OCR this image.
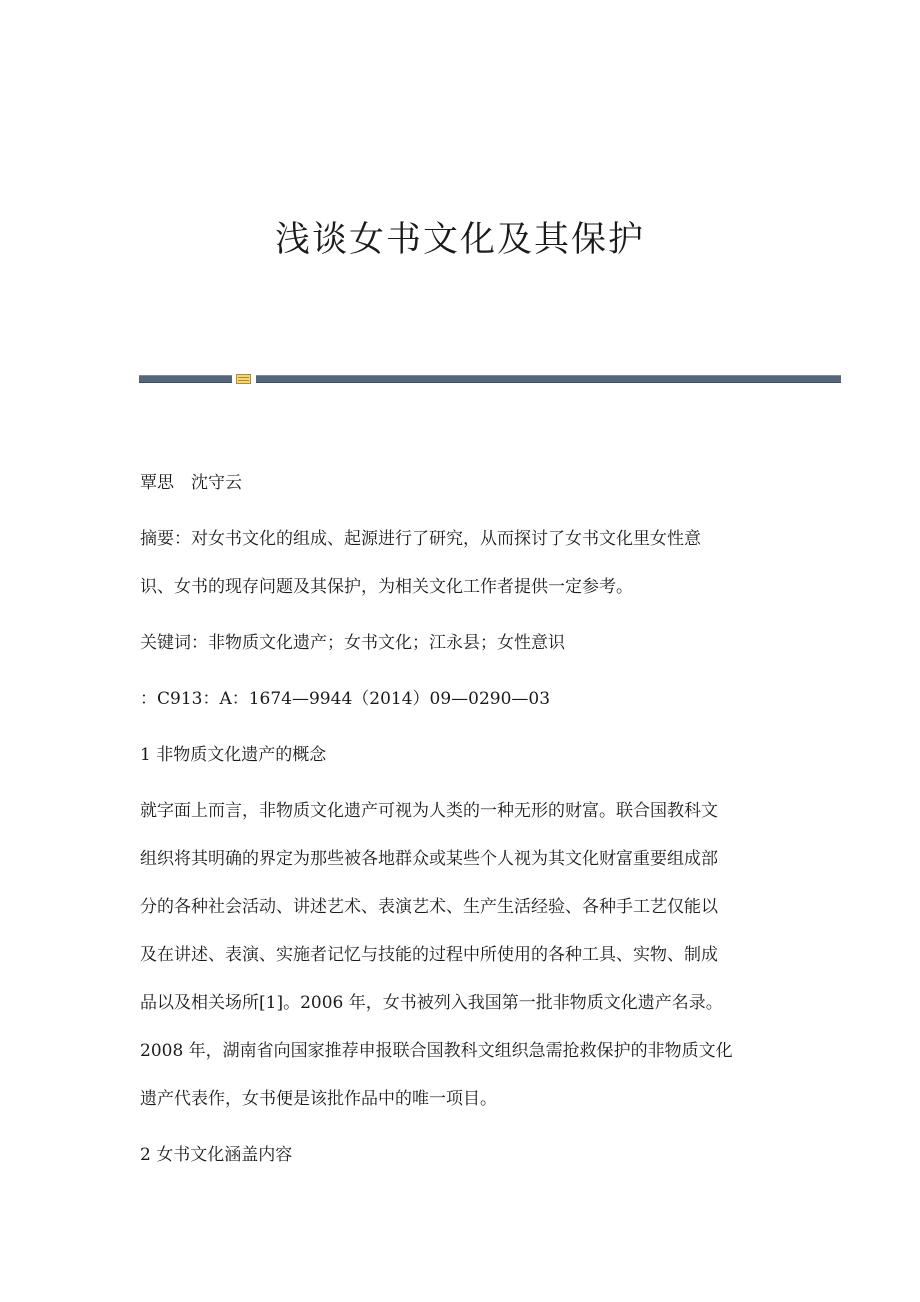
浅谈女书文化及其保护
覃思　沈守云
摘要：对女书文化的组成、起源进行了研究，从而探讨了女书文化里女性意
识、女书的现存问题及其保护，为相关文化工作者提供一定参考。
关键词：非物质文化遗产；女书文化；江永县；女性意识
：C913：A：1674—9944（2014）09—0290—03
1 非物质文化遗产的概念
就字面上而言，非物质文化遗产可视为人类的一种无形的财富。联合国教科文
组织将其明确的界定为那些被各地群众或某些个人视为其文化财富重要组成部
分的各种社会活动、讲述艺术、表演艺术、生产生活经验、各种手工艺仅能以
及在讲述、表演、实施者记忆与技能的过程中所使用的各种工具、实物、制成
品以及相关场所[1]。2006 年，女书被列入我国第一批非物质文化遗产名录。
2008 年，湖南省向国家推荐申报联合国教科文组织急需抢救保护的非物质文化
遗产代表作，女书便是该批作品中的唯一项目。
2 女书文化涵盖内容
